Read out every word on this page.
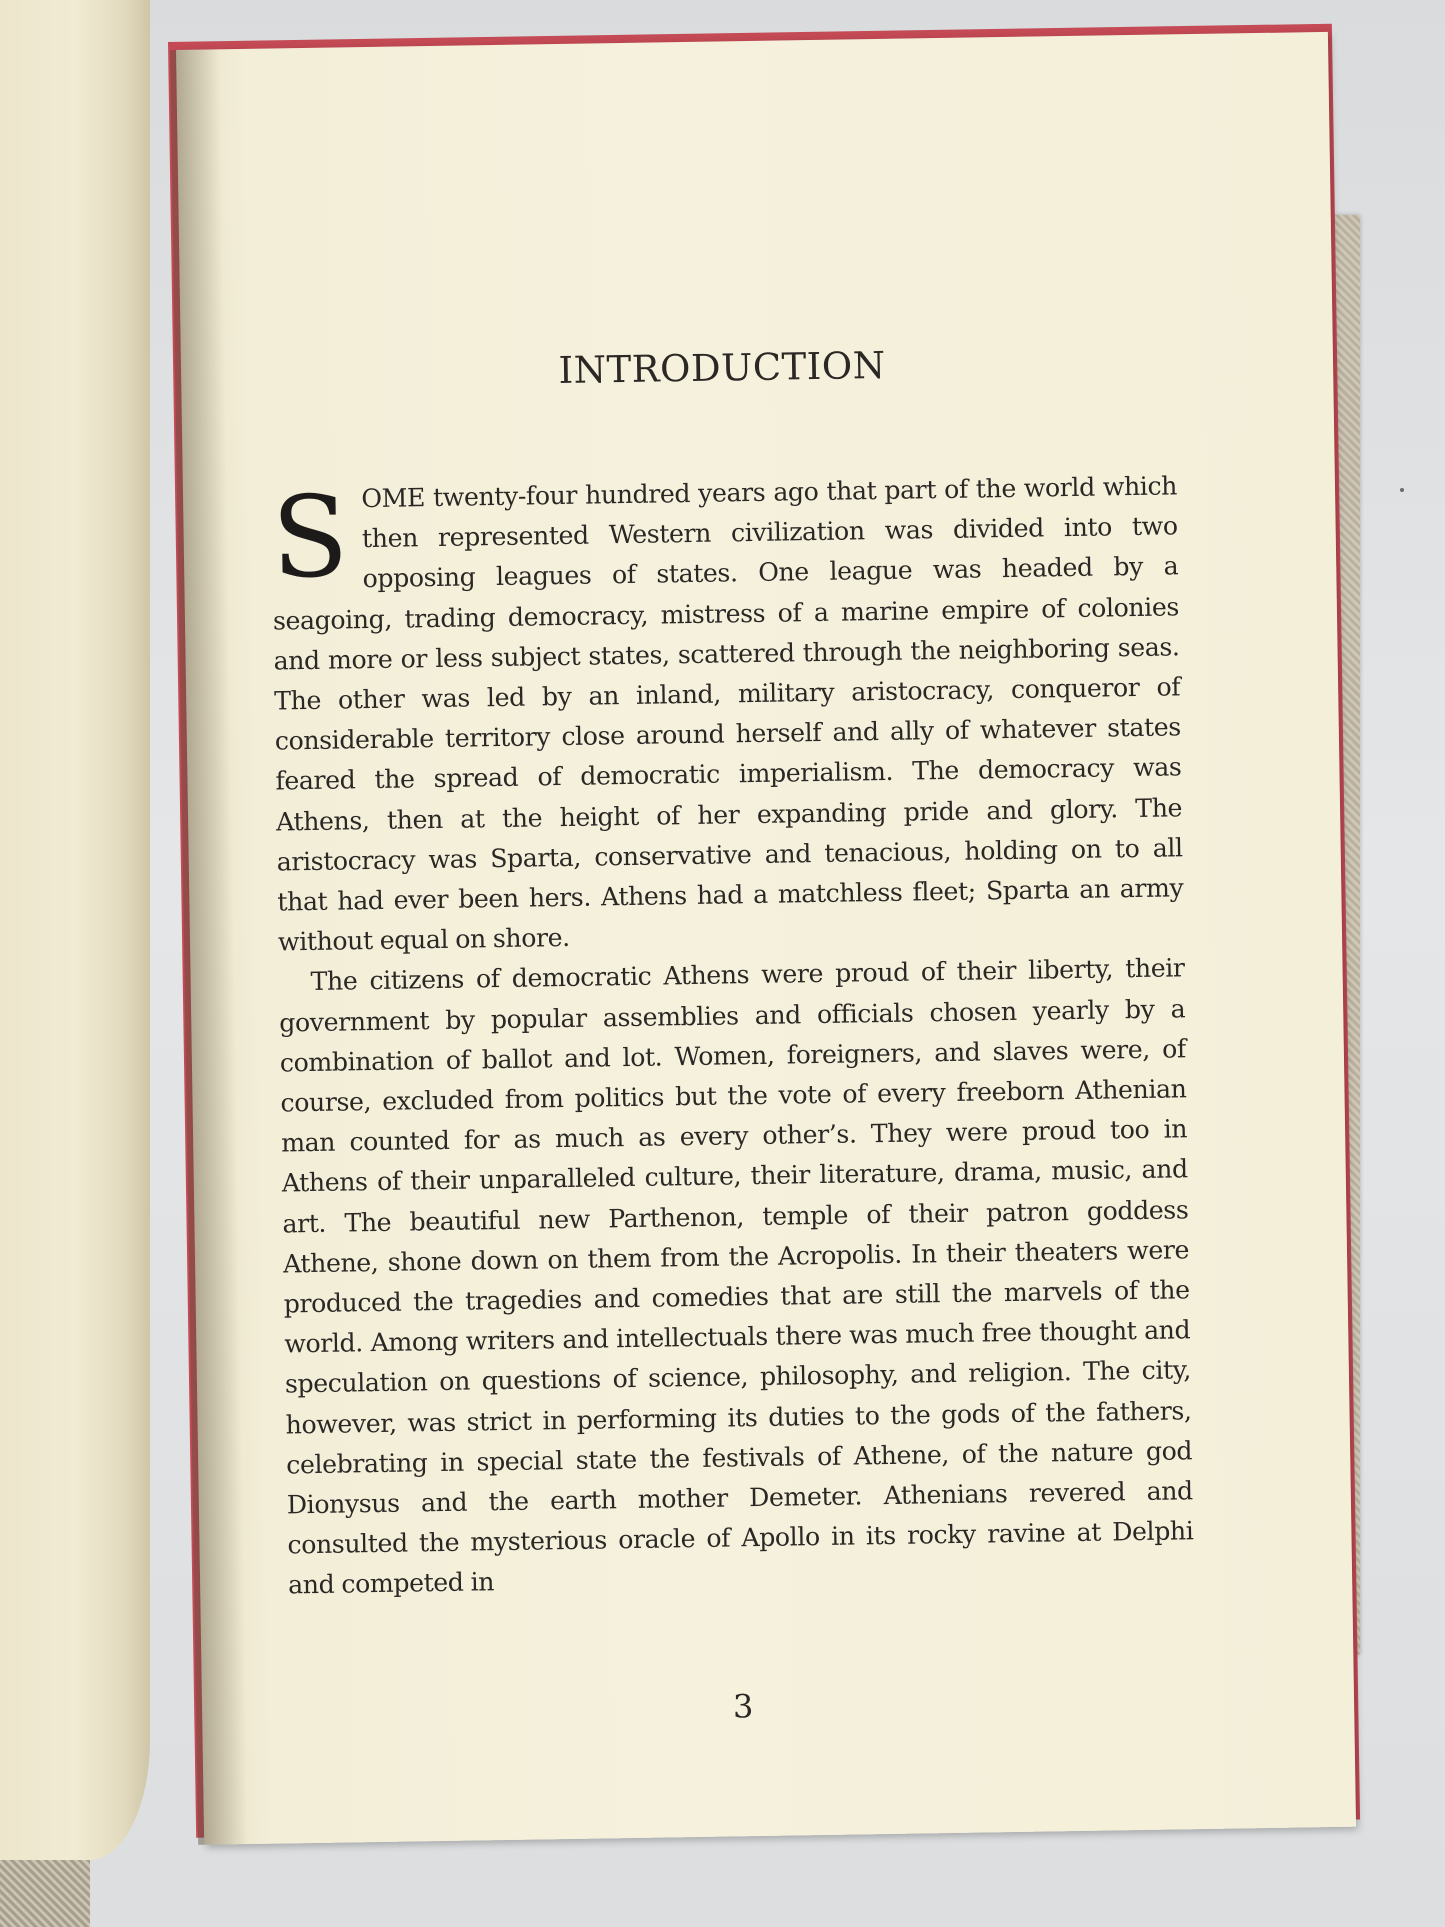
INTRODUCTION

SOME twenty-four hundred years ago that part of the world which then represented Western civilization was divided into two opposing leagues of states. One league was headed by a seagoing, trading democracy, mistress of a marine empire of colonies and more or less subject states, scattered through the neighboring seas. The other was led by an inland, military aristocracy, conqueror of considerable territory close around herself and ally of whatever states feared the spread of democratic imperialism. The democracy was Athens, then at the height of her expanding pride and glory. The aristocracy was Sparta, conservative and tenacious, holding on to all that had ever been hers. Athens had a matchless fleet; Sparta an army without equal on shore.

The citizens of democratic Athens were proud of their liberty, their government by popular assemblies and officials chosen yearly by a combination of ballot and lot. Women, foreigners, and slaves were, of course, excluded from politics but the vote of every freeborn Athenian man counted for as much as every other’s. They were proud too in Athens of their unparalleled culture, their literature, drama, music, and art. The beautiful new Parthenon, temple of their patron goddess Athene, shone down on them from the Acropolis. In their theaters were produced the tragedies and comedies that are still the marvels of the world. Among writers and intellectuals there was much free thought and speculation on questions of science, philosophy, and religion. The city, however, was strict in performing its duties to the gods of the fathers, celebrating in special state the festivals of Athene, of the nature god Dionysus and the earth mother Demeter. Athenians revered and consulted the mysterious oracle of Apollo in its rocky ravine at Delphi and competed in

3
